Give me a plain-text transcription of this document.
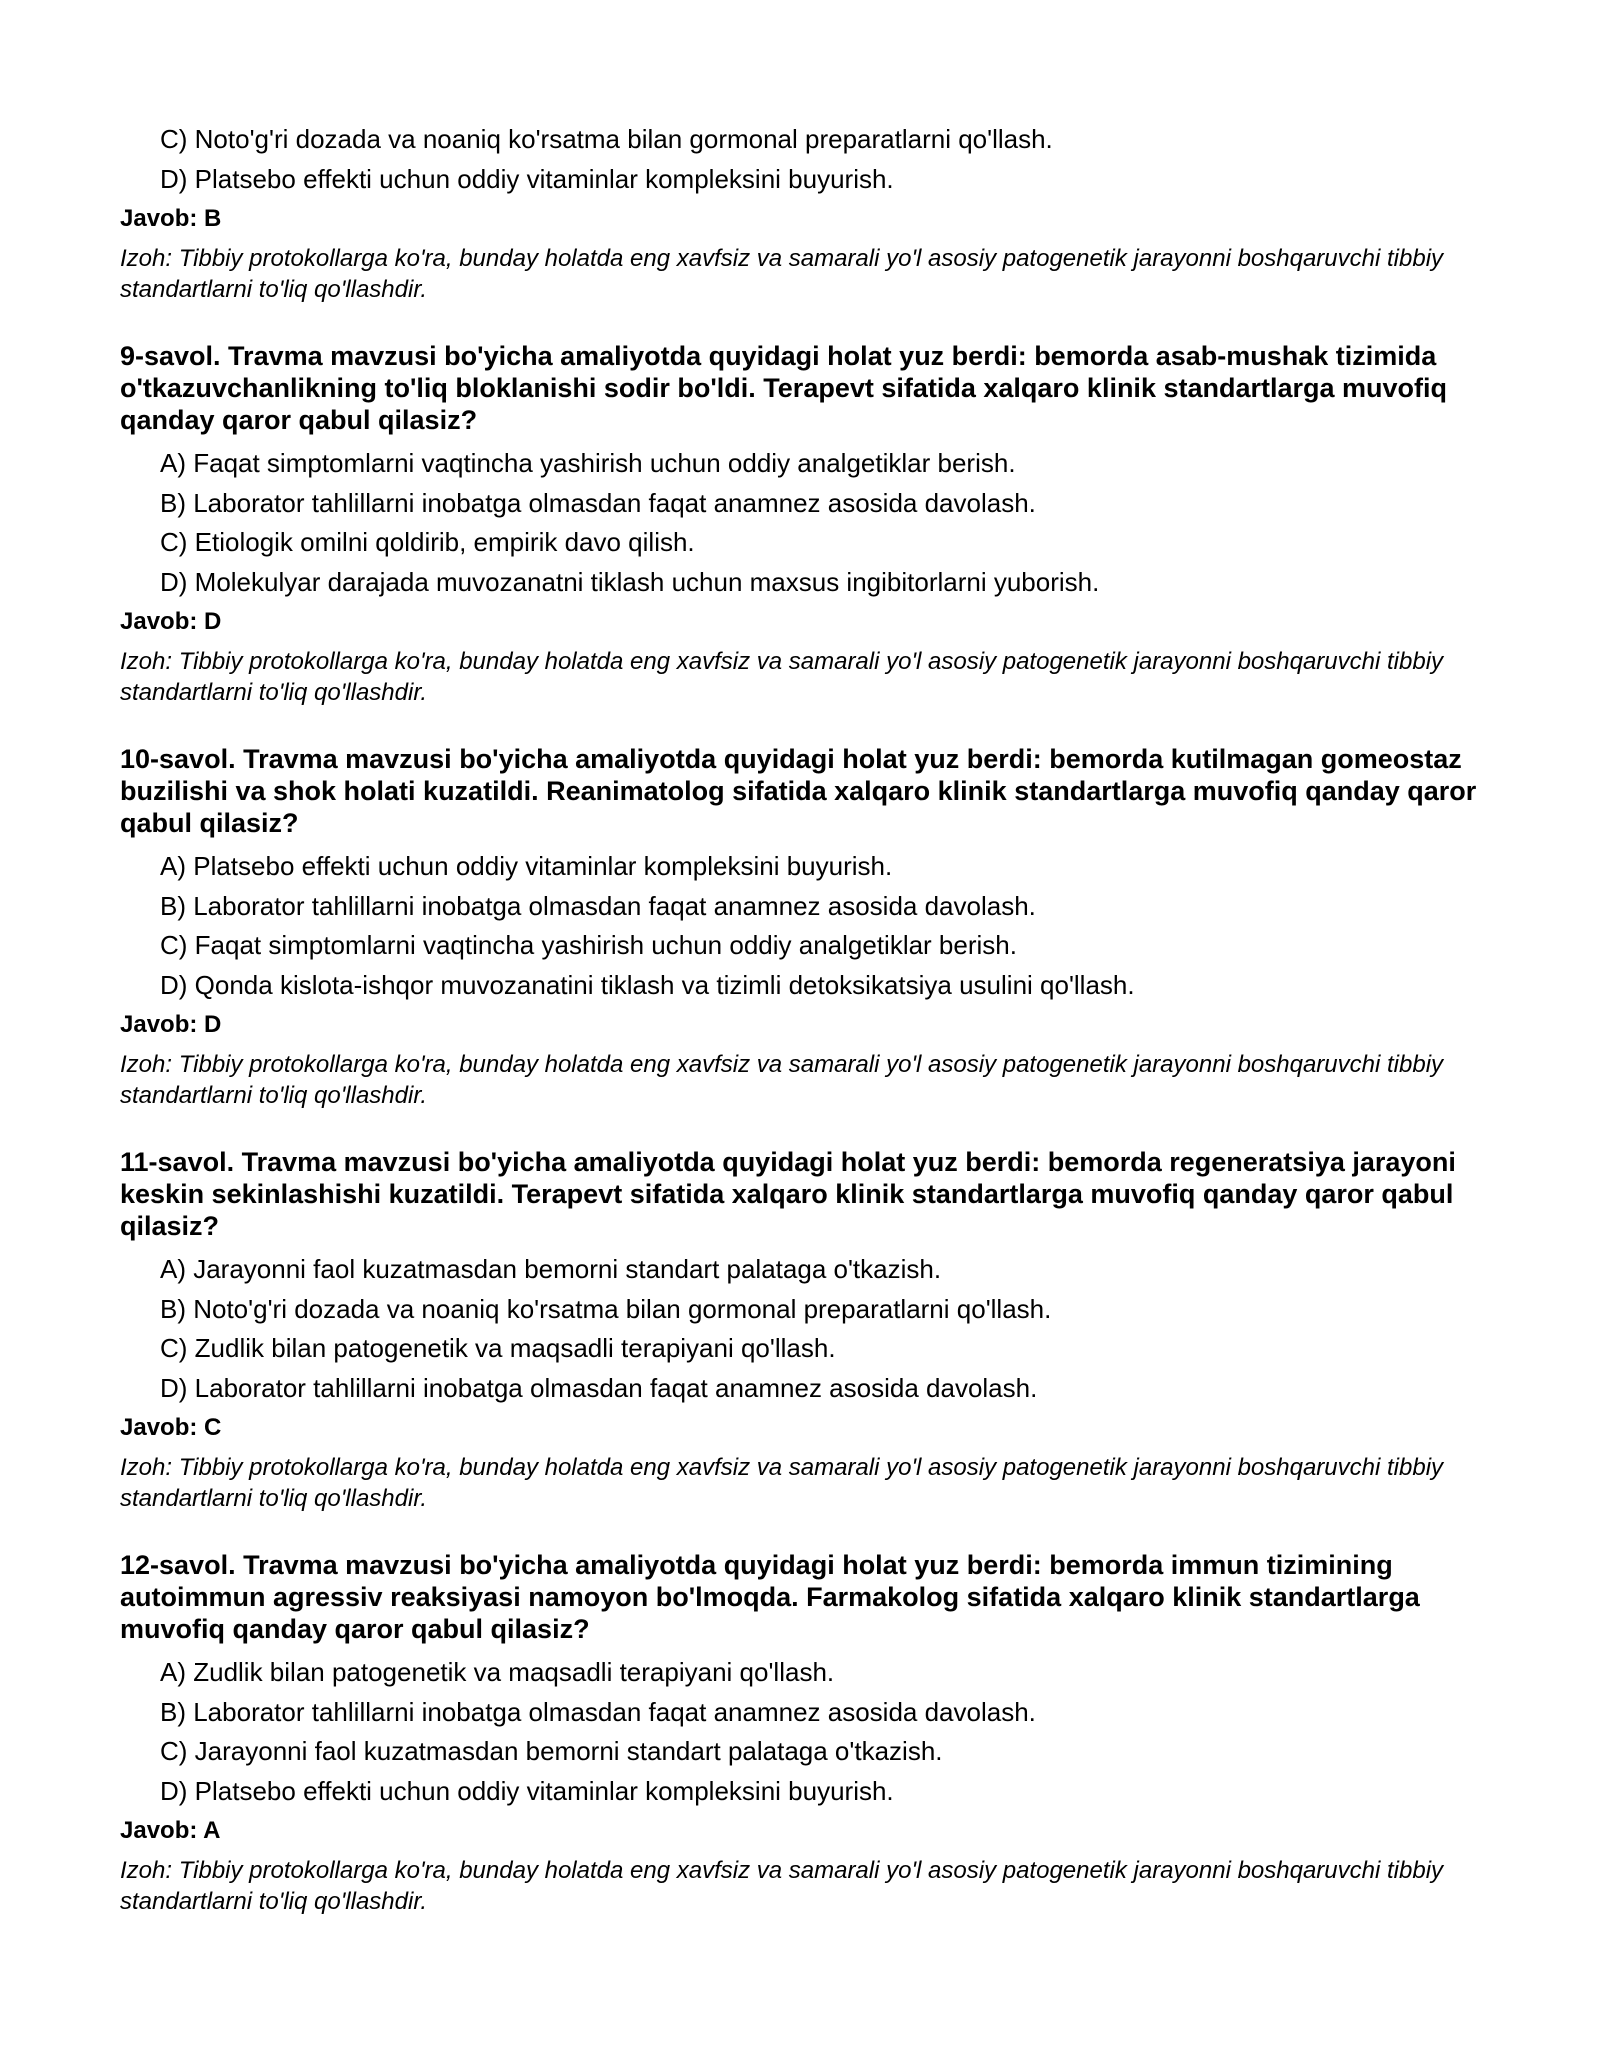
C) Noto'g'ri dozada va noaniq ko'rsatma bilan gormonal preparatlarni qo'llash.
D) Platsebo effekti uchun oddiy vitaminlar kompleksini buyurish.
Javob: B
Izoh: Tibbiy protokollarga ko'ra, bunday holatda eng xavfsiz va samarali yo'l asosiy patogenetik jarayonni boshqaruvchi tibbiy standartlarni to'liq qo'llashdir.
9-savol. Travma mavzusi bo'yicha amaliyotda quyidagi holat yuz berdi: bemorda asab-mushak tizimida o'tkazuvchanlikning to'liq bloklanishi sodir bo'ldi. Terapevt sifatida xalqaro klinik standartlarga muvofiq qanday qaror qabul qilasiz?
A) Faqat simptomlarni vaqtincha yashirish uchun oddiy analgetiklar berish.
B) Laborator tahlillarni inobatga olmasdan faqat anamnez asosida davolash.
C) Etiologik omilni qoldirib, empirik davo qilish.
D) Molekulyar darajada muvozanatni tiklash uchun maxsus ingibitorlarni yuborish.
Javob: D
Izoh: Tibbiy protokollarga ko'ra, bunday holatda eng xavfsiz va samarali yo'l asosiy patogenetik jarayonni boshqaruvchi tibbiy standartlarni to'liq qo'llashdir.
10-savol. Travma mavzusi bo'yicha amaliyotda quyidagi holat yuz berdi: bemorda kutilmagan gomeostaz buzilishi va shok holati kuzatildi. Reanimatolog sifatida xalqaro klinik standartlarga muvofiq qanday qaror qabul qilasiz?
A) Platsebo effekti uchun oddiy vitaminlar kompleksini buyurish.
B) Laborator tahlillarni inobatga olmasdan faqat anamnez asosida davolash.
C) Faqat simptomlarni vaqtincha yashirish uchun oddiy analgetiklar berish.
D) Qonda kislota-ishqor muvozanatini tiklash va tizimli detoksikatsiya usulini qo'llash.
Javob: D
Izoh: Tibbiy protokollarga ko'ra, bunday holatda eng xavfsiz va samarali yo'l asosiy patogenetik jarayonni boshqaruvchi tibbiy standartlarni to'liq qo'llashdir.
11-savol. Travma mavzusi bo'yicha amaliyotda quyidagi holat yuz berdi: bemorda regeneratsiya jarayoni keskin sekinlashishi kuzatildi. Terapevt sifatida xalqaro klinik standartlarga muvofiq qanday qaror qabul qilasiz?
A) Jarayonni faol kuzatmasdan bemorni standart palataga o'tkazish.
B) Noto'g'ri dozada va noaniq ko'rsatma bilan gormonal preparatlarni qo'llash.
C) Zudlik bilan patogenetik va maqsadli terapiyani qo'llash.
D) Laborator tahlillarni inobatga olmasdan faqat anamnez asosida davolash.
Javob: C
Izoh: Tibbiy protokollarga ko'ra, bunday holatda eng xavfsiz va samarali yo'l asosiy patogenetik jarayonni boshqaruvchi tibbiy standartlarni to'liq qo'llashdir.
12-savol. Travma mavzusi bo'yicha amaliyotda quyidagi holat yuz berdi: bemorda immun tizimining autoimmun agressiv reaksiyasi namoyon bo'lmoqda. Farmakolog sifatida xalqaro klinik standartlarga muvofiq qanday qaror qabul qilasiz?
A) Zudlik bilan patogenetik va maqsadli terapiyani qo'llash.
B) Laborator tahlillarni inobatga olmasdan faqat anamnez asosida davolash.
C) Jarayonni faol kuzatmasdan bemorni standart palataga o'tkazish.
D) Platsebo effekti uchun oddiy vitaminlar kompleksini buyurish.
Javob: A
Izoh: Tibbiy protokollarga ko'ra, bunday holatda eng xavfsiz va samarali yo'l asosiy patogenetik jarayonni boshqaruvchi tibbiy standartlarni to'liq qo'llashdir.
